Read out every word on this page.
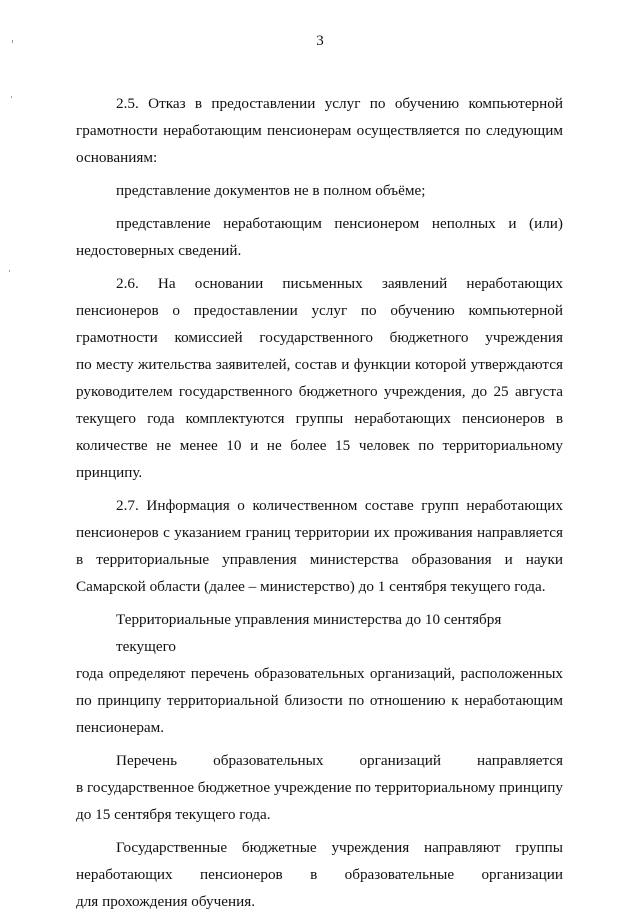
3
2.5. Отказ в предоставлении услуг по обучению компьютерной
грамотности неработающим пенсионерам осуществляется по следующим
основаниям:
представление документов не в полном объёме;
представление неработающим пенсионером неполных и (или)
недостоверных сведений.
2.6. На основании письменных заявлений неработающих
пенсионеров о предоставлении услуг по обучению компьютерной
грамотности комиссией государственного бюджетного учреждения
по месту жительства заявителей, состав и функции которой утверждаются
руководителем государственного бюджетного учреждения, до 25 августа
текущего года комплектуются группы неработающих пенсионеров в
количестве не менее 10 и не более 15 человек по территориальному
принципу.
2.7. Информация о количественном составе групп неработающих
пенсионеров с указанием границ территории их проживания направляется
в территориальные управления министерства образования и науки
Самарской области (далее – министерство) до 1 сентября текущего года.
Территориальные управления министерства до 10 сентября текущего
года определяют перечень образовательных организаций, расположенных
по принципу территориальной близости по отношению к неработающим
пенсионерам.
Перечень образовательных организаций направляется
в государственное бюджетное учреждение по территориальному принципу
до 15 сентября текущего года.
Государственные бюджетные учреждения направляют группы
неработающих пенсионеров в образовательные организации
для прохождения обучения.
